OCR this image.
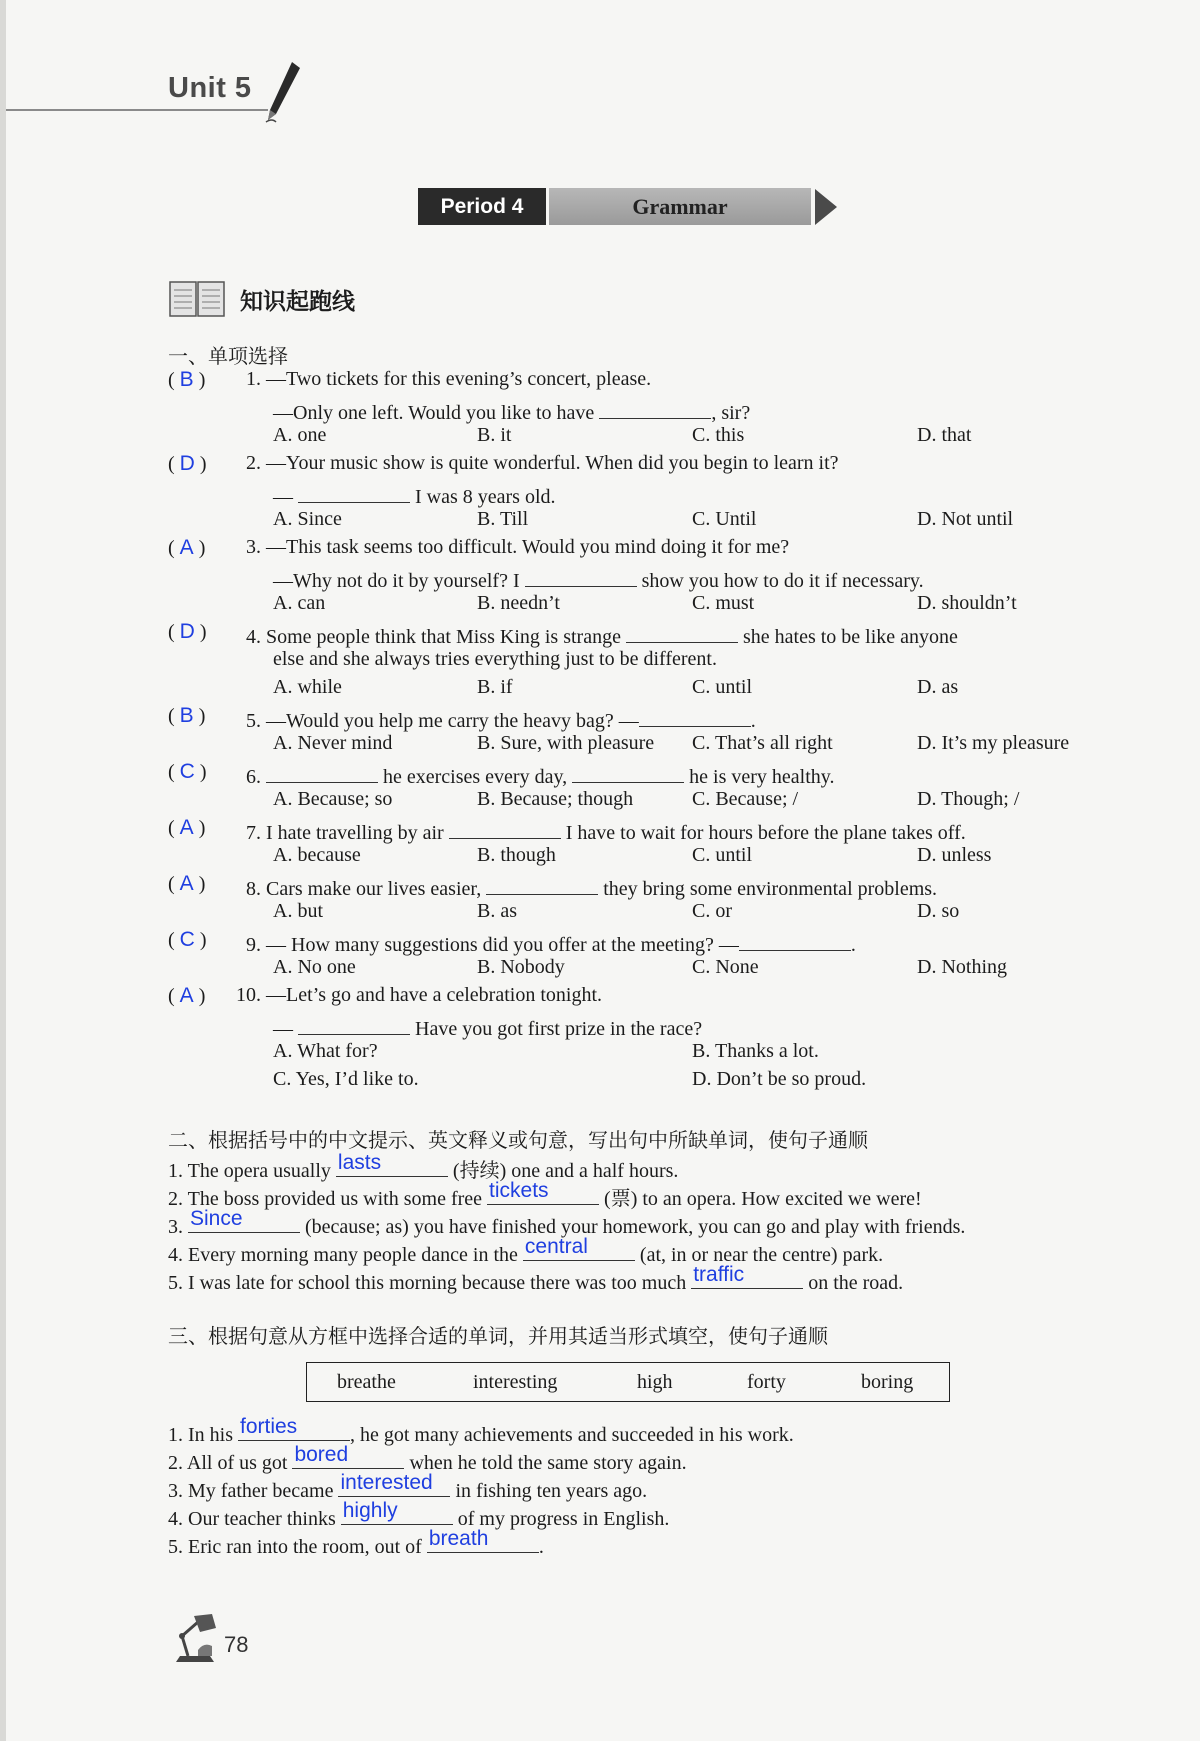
Unit 5
Period 4	Grammar
知识起跑线
一、单项选择
( B ) 1. —Two tickets for this evening’s concert, please.
—Only one left. Would you like to have	, sir?
A. one	B. it	C. this	D. that
( D ) 2. —Your music show is quite wonderful. When did you begin to learn it?
—	I was 8 years old.
A. Since	B. Till	C. Until	D. Not until
( A ) 3. —This task seems too difficult. Would you mind doing it for me?
—Why not do it by yourself? I	show you how to do it if necessary.
A. can	B. needn’t	C. must	D. shouldn’t
( D ) 4. Some people think that Miss King is strange	she hates to be like anyone
else and she always tries everything just to be different.
A. while	B. if	C. until	D. as
( B ) 5. —Would you help me carry the heavy bag? —	.
A. Never mind	B. Sure, with pleasure C. That’s all right	D. It’s my pleasure
( C ) 6.	he exercises every day,	he is very healthy.
A. Because; so	B. Because; though	C. Because; /	D. Though; /
( A ) 7. I hate travelling by air	I have to wait for hours before the plane takes off.
A. because	B. though	C. until	D. unless
( A ) 8. Cars make our lives easier,	they bring some environmental problems.
A. but	B. as	C. or	D. so
( C ) 9. — How many suggestions did you offer at the meeting? —	.
A. No one	B. Nobody	C. None	D. Nothing
( A ) 10. —Let’s go and have a celebration tonight.
—	Have you got first prize in the race?
A. What for?	B. Thanks a lot.
C. Yes, I’d like to.	D. Don’t be so proud.
二、根据括号中的中文提示、英文释义或句意，写出句中所缺单词，使句子通顺
1. The opera usually lasts	(持续) one and a half hours.
2. The boss provided us with some free tickets	(票) to an opera. How excited we were!
3. Since	(because; as) you have finished your homework, you can go and play with friends.
4. Every morning many people dance in the central	(at, in or near the centre) park.
5. I was late for school this morning because there was too much traffic	on the road.
三、根据句意从方框中选择合适的单词，并用其适当形式填空，使句子通顺
breathe	interesting	high	forty	boring
1. In his forties	, he got many achievements and succeeded in his work.
2. All of us got bored	when he told the same story again.
3. My father became interested in fishing ten years ago.
4. Our teacher thinks highly	of my progress in English.
5. Eric ran into the room, out of breath	.
78
